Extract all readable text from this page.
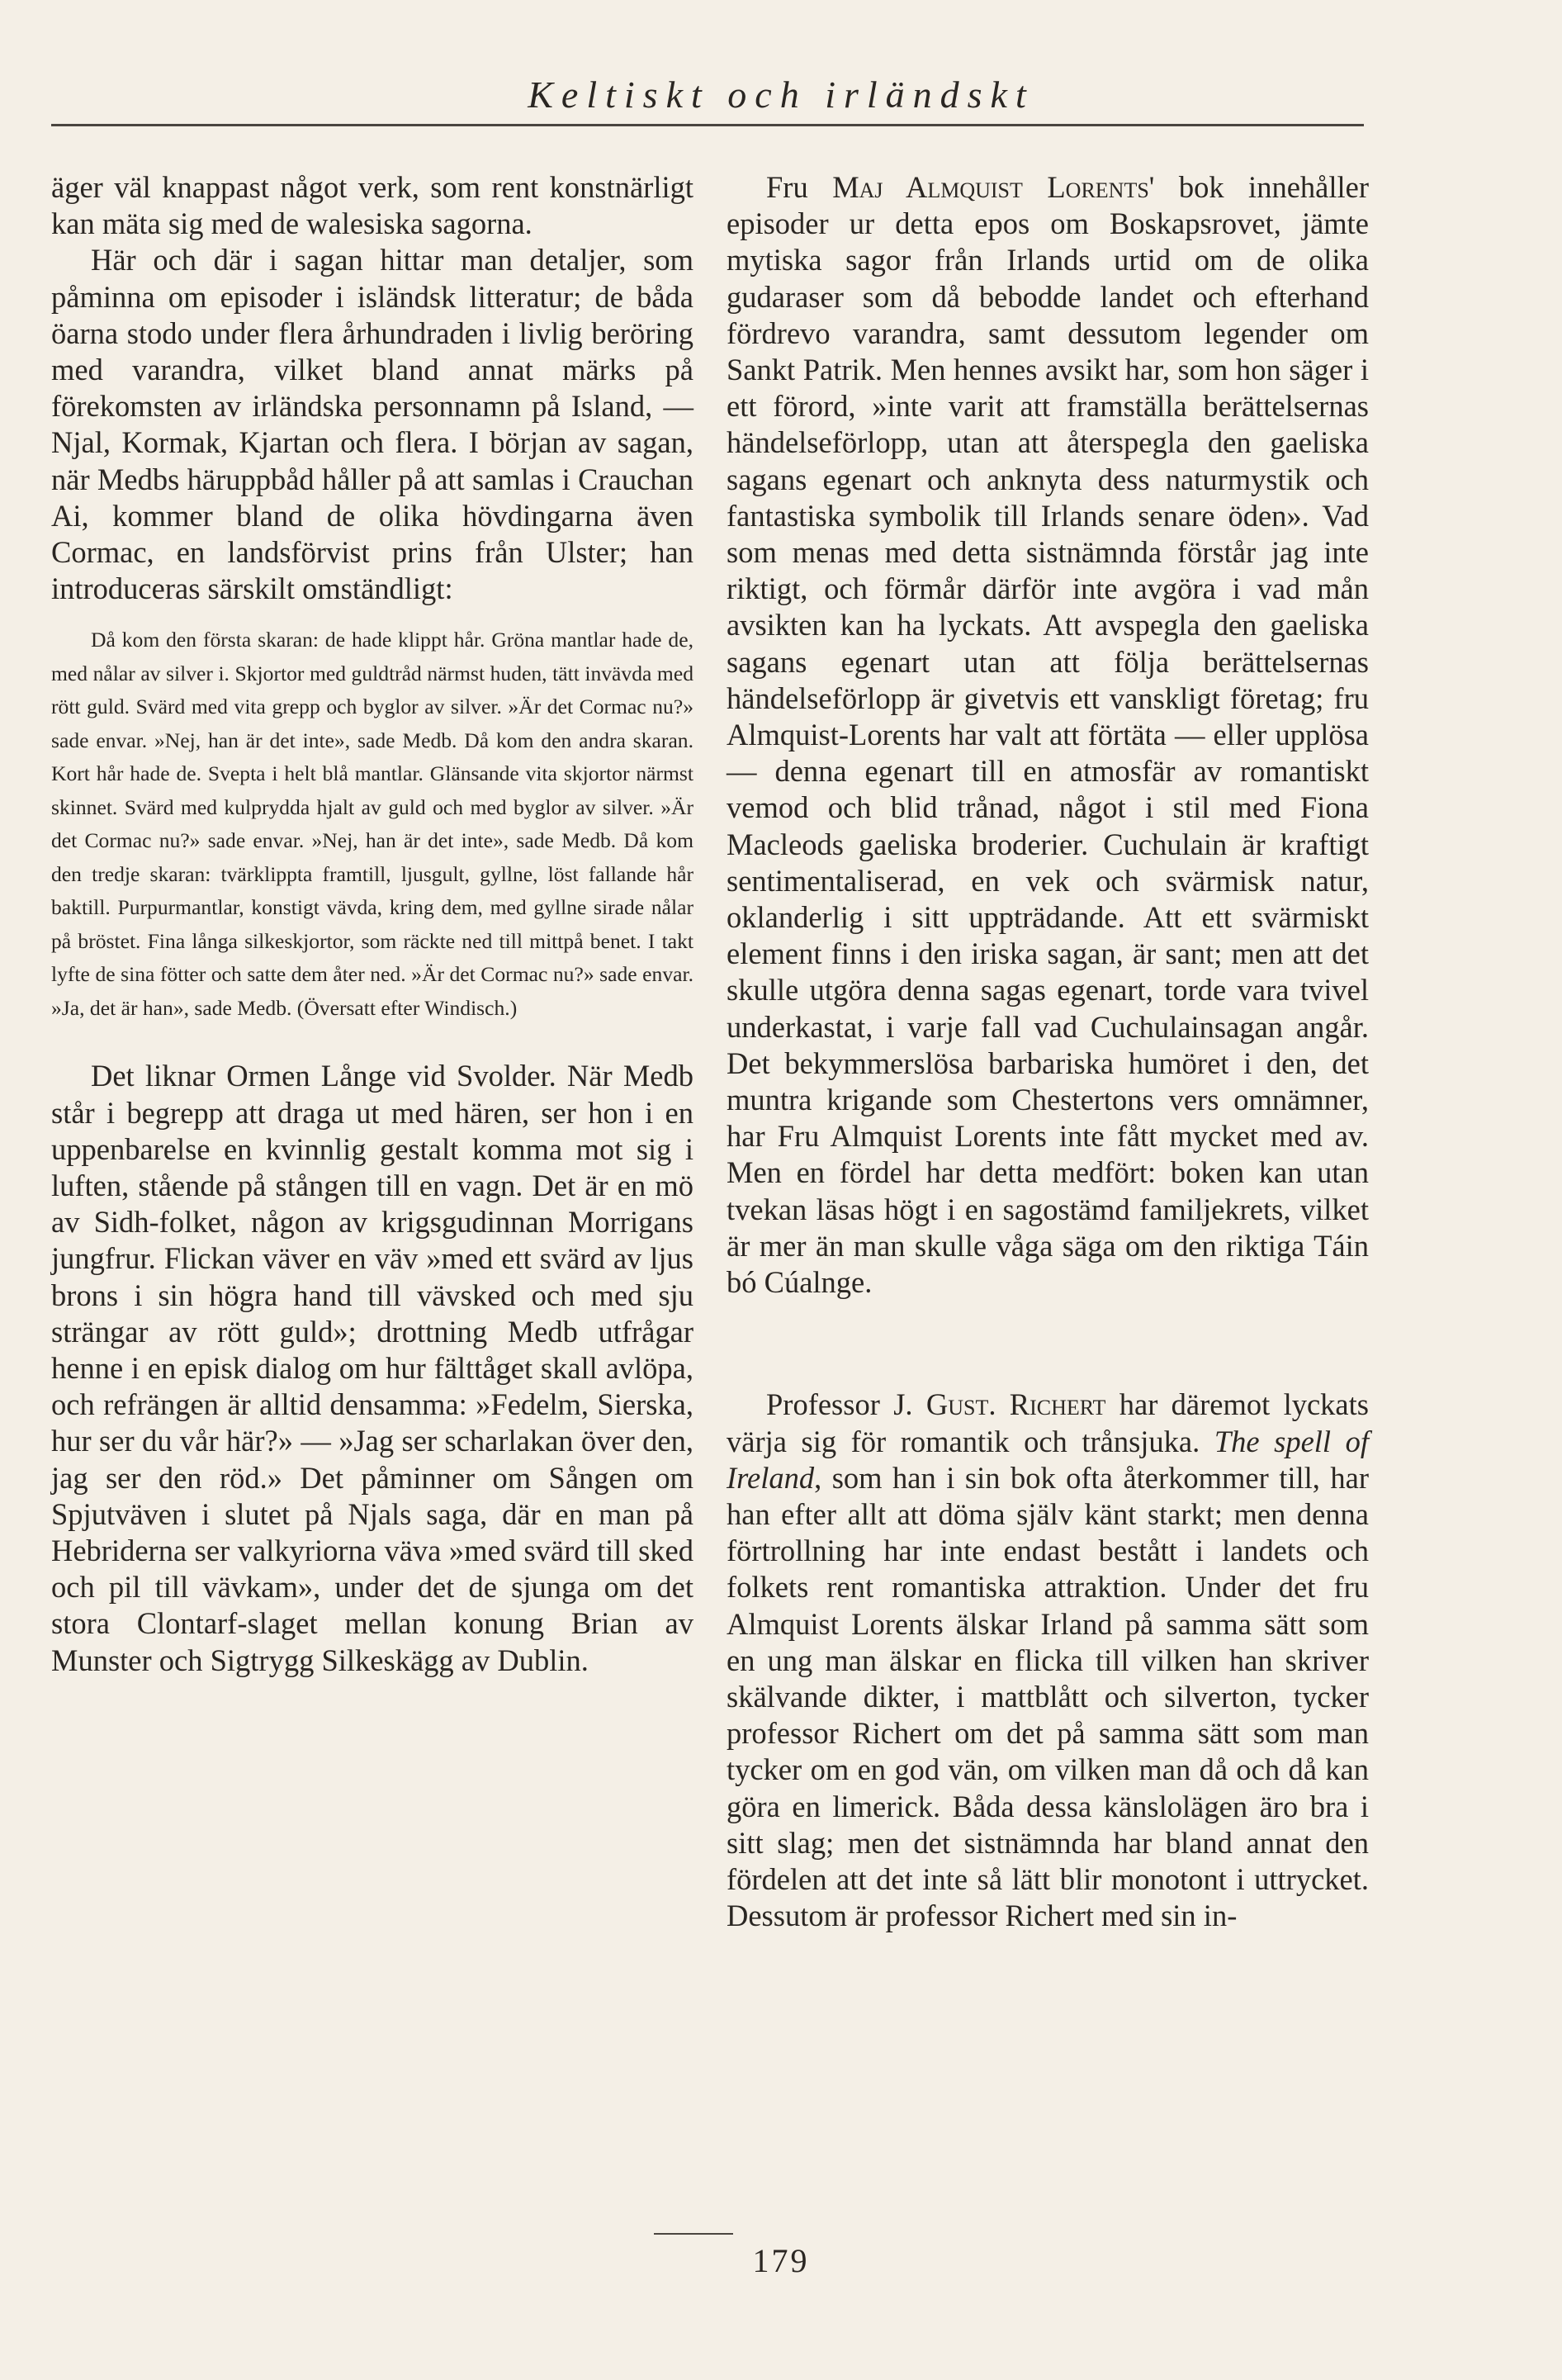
Keltiskt och irländskt

äger väl knappast något verk, som rent konstnärligt kan mäta sig med de walesiska sagorna.

Här och där i sagan hittar man detaljer, som påminna om episoder i isländsk litteratur; de båda öarna stodo under flera århundraden i livlig beröring med varandra, vilket bland annat märks på förekomsten av irländska personnamn på Island, — Njal, Kormak, Kjartan och flera. I början av sagan, när Medbs häruppbåd håller på att samlas i Crauchan Ai, kommer bland de olika hövdingarna även Cormac, en landsförvist prins från Ulster; han introduceras särskilt omständligt:

Då kom den första skaran: de hade klippt hår. Gröna mantlar hade de, med nålar av silver i. Skjortor med guldtråd närmst huden, tätt invävda med rött guld. Svärd med vita grepp och byglor av silver. »Är det Cormac nu?» sade envar. »Nej, han är det inte», sade Medb. Då kom den andra skaran. Kort hår hade de. Svepta i helt blå mantlar. Glänsande vita skjortor närmst skinnet. Svärd med kulprydda hjalt av guld och med byglor av silver. »Är det Cormac nu?» sade envar. »Nej, han är det inte», sade Medb. Då kom den tredje skaran: tvärklippta framtill, ljusgult, gyllne, löst fallande hår baktill. Purpurmantlar, konstigt vävda, kring dem, med gyllne sirade nålar på bröstet. Fina långa silkeskjortor, som räckte ned till mittpå benet. I takt lyfte de sina fötter och satte dem åter ned. »Är det Cormac nu?» sade envar. »Ja, det är han», sade Medb. (Översatt efter Windisch.)

Det liknar Ormen Långe vid Svolder. När Medb står i begrepp att draga ut med hären, ser hon i en uppenbarelse en kvinnlig gestalt komma mot sig i luften, stående på stången till en vagn. Det är en mö av Sidh-folket, någon av krigsgudinnan Morrigans jungfrur. Flickan väver en väv »med ett svärd av ljus brons i sin högra hand till vävsked och med sju strängar av rött guld»; drottning Medb utfrågar henne i en episk dialog om hur fälttåget skall avlöpa, och refrängen är alltid densamma: »Fedelm, Sierska, hur ser du vår här?» — »Jag ser scharlakan över den, jag ser den röd.» Det påminner om Sången om Spjutväven i slutet på Njals saga, där en man på Hebriderna ser valkyriorna väva »med svärd till sked och pil till vävkam», under det de sjunga om det stora Clontarf-slaget mellan konung Brian av Munster och Sigtrygg Silkeskägg av Dublin.

Fru Maj Almquist Lorents' bok innehåller episoder ur detta epos om Boskapsrovet, jämte mytiska sagor från Irlands urtid om de olika gudaraser som då bebodde landet och efterhand fördrevo varandra, samt dessutom legender om Sankt Patrik. Men hennes avsikt har, som hon säger i ett förord, »inte varit att framställa berättelsernas händelseförlopp, utan att återspegla den gaeliska sagans egenart och anknyta dess naturmystik och fantastiska symbolik till Irlands senare öden». Vad som menas med detta sistnämnda förstår jag inte riktigt, och förmår därför inte avgöra i vad mån avsikten kan ha lyckats. Att avspegla den gaeliska sagans egenart utan att följa berättelsernas händelseförlopp är givetvis ett vanskligt företag; fru Almquist-Lorents har valt att förtäta — eller upplösa — denna egenart till en atmosfär av romantiskt vemod och blid trånad, något i stil med Fiona Macleods gaeliska broderier. Cuchulain är kraftigt sentimentaliserad, en vek och svärmisk natur, oklanderlig i sitt uppträdande. Att ett svärmiskt element finns i den iriska sagan, är sant; men att det skulle utgöra denna sagas egenart, torde vara tvivel underkastat, i varje fall vad Cuchulainsagan angår. Det bekymmerslösa barbariska humöret i den, det muntra krigande som Chestertons vers omnämner, har Fru Almquist Lorents inte fått mycket med av. Men en fördel har detta medfört: boken kan utan tvekan läsas högt i en sagostämd familjekrets, vilket är mer än man skulle våga säga om den riktiga Táin bó Cúalnge.

Professor J. Gust. Richert har däremot lyckats värja sig för romantik och trånsjuka. The spell of Ireland, som han i sin bok ofta återkommer till, har han efter allt att döma själv känt starkt; men denna förtrollning har inte endast bestått i landets och folkets rent romantiska attraktion. Under det fru Almquist Lorents älskar Irland på samma sätt som en ung man älskar en flicka till vilken han skriver skälvande dikter, i mattblått och silverton, tycker professor Richert om det på samma sätt som man tycker om en god vän, om vilken man då och då kan göra en limerick. Båda dessa känslolägen äro bra i sitt slag; men det sistnämnda har bland annat den fördelen att det inte så lätt blir monotont i uttrycket. Dessutom är professor Richert med sin in-

179
